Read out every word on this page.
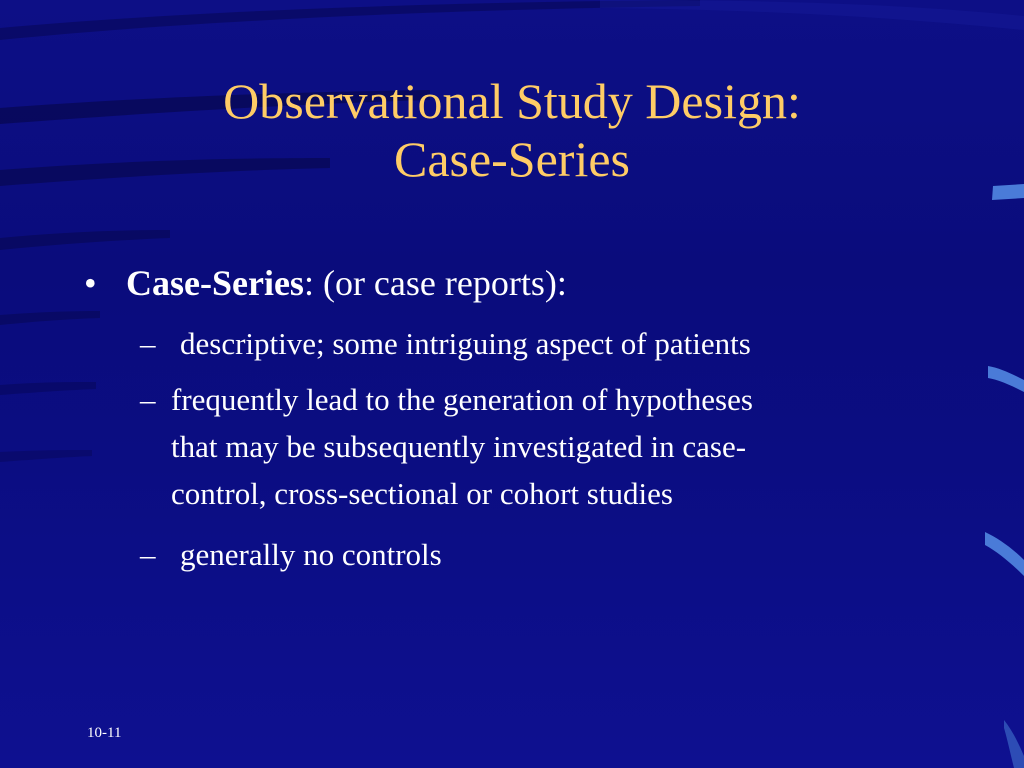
Observational Study Design:
Case-Series
• Case-Series: (or case reports):
– descriptive; some intriguing aspect of patients
– frequently lead to the generation of hypotheses
that may be subsequently investigated in case-
control, cross-sectional or cohort studies
– generally no controls
10-11
